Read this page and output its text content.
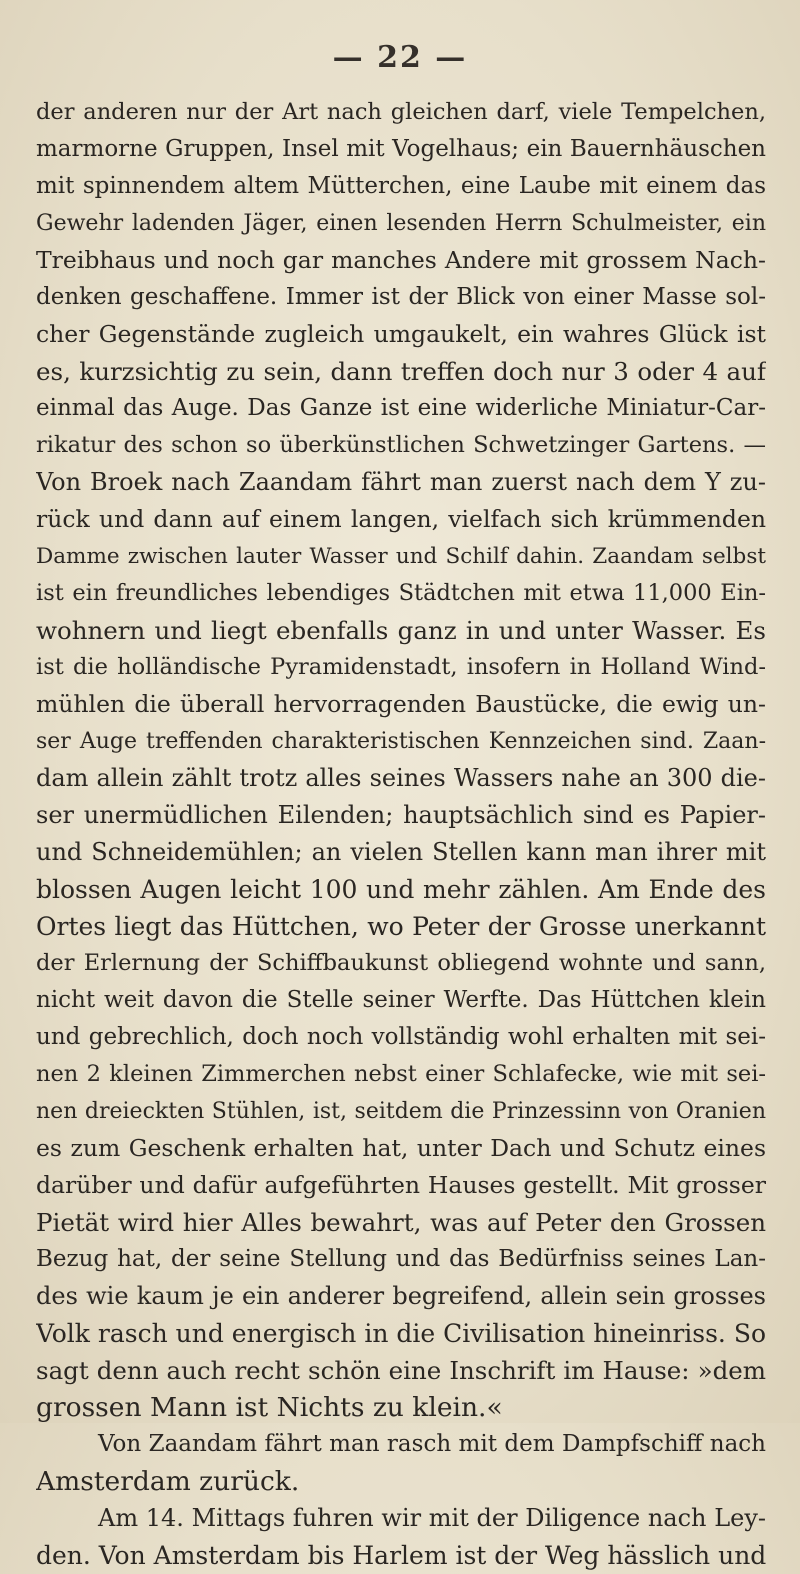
— 22 —
der anderen nur der Art nach gleichen darf, viele Tempelchen,
marmorne Gruppen, Insel mit Vogelhaus; ein Bauernhäuschen
mit spinnendem altem Mütterchen, eine Laube mit einem das
Gewehr ladenden Jäger, einen lesenden Herrn Schulmeister, ein
Treibhaus und noch gar manches Andere mit grossem Nach-
denken geschaffene. Immer ist der Blick von einer Masse sol-
cher Gegenstände zugleich umgaukelt, ein wahres Glück ist
es, kurzsichtig zu sein, dann treffen doch nur 3 oder 4 auf
einmal das Auge. Das Ganze ist eine widerliche Miniatur-Car-
rikatur des schon so überkünstlichen Schwetzinger Gartens. —
Von Broek nach Zaandam fährt man zuerst nach dem Y zu-
rück und dann auf einem langen, vielfach sich krümmenden
Damme zwischen lauter Wasser und Schilf dahin. Zaandam selbst
ist ein freundliches lebendiges Städtchen mit etwa 11,000 Ein-
wohnern und liegt ebenfalls ganz in und unter Wasser. Es
ist die holländische Pyramidenstadt, insofern in Holland Wind-
mühlen die überall hervorragenden Baustücke, die ewig un-
ser Auge treffenden charakteristischen Kennzeichen sind. Zaan-
dam allein zählt trotz alles seines Wassers nahe an 300 die-
ser unermüdlichen Eilenden; hauptsächlich sind es Papier-
und Schneidemühlen; an vielen Stellen kann man ihrer mit
blossen Augen leicht 100 und mehr zählen. Am Ende des
Ortes liegt das Hüttchen, wo Peter der Grosse unerkannt
der Erlernung der Schiffbaukunst obliegend wohnte und sann,
nicht weit davon die Stelle seiner Werfte. Das Hüttchen klein
und gebrechlich, doch noch vollständig wohl erhalten mit sei-
nen 2 kleinen Zimmerchen nebst einer Schlafecke, wie mit sei-
nen dreieckten Stühlen, ist, seitdem die Prinzessinn von Oranien
es zum Geschenk erhalten hat, unter Dach und Schutz eines
darüber und dafür aufgeführten Hauses gestellt. Mit grosser
Pietät wird hier Alles bewahrt, was auf Peter den Grossen
Bezug hat, der seine Stellung und das Bedürfniss seines Lan-
des wie kaum je ein anderer begreifend, allein sein grosses
Volk rasch und energisch in die Civilisation hineinriss. So
sagt denn auch recht schön eine Inschrift im Hause: »dem
grossen Mann ist Nichts zu klein.«
Von Zaandam fährt man rasch mit dem Dampfschiff nach
Amsterdam zurück.
Am 14. Mittags fuhren wir mit der Diligence nach Ley-
den. Von Amsterdam bis Harlem ist der Weg hässlich und
